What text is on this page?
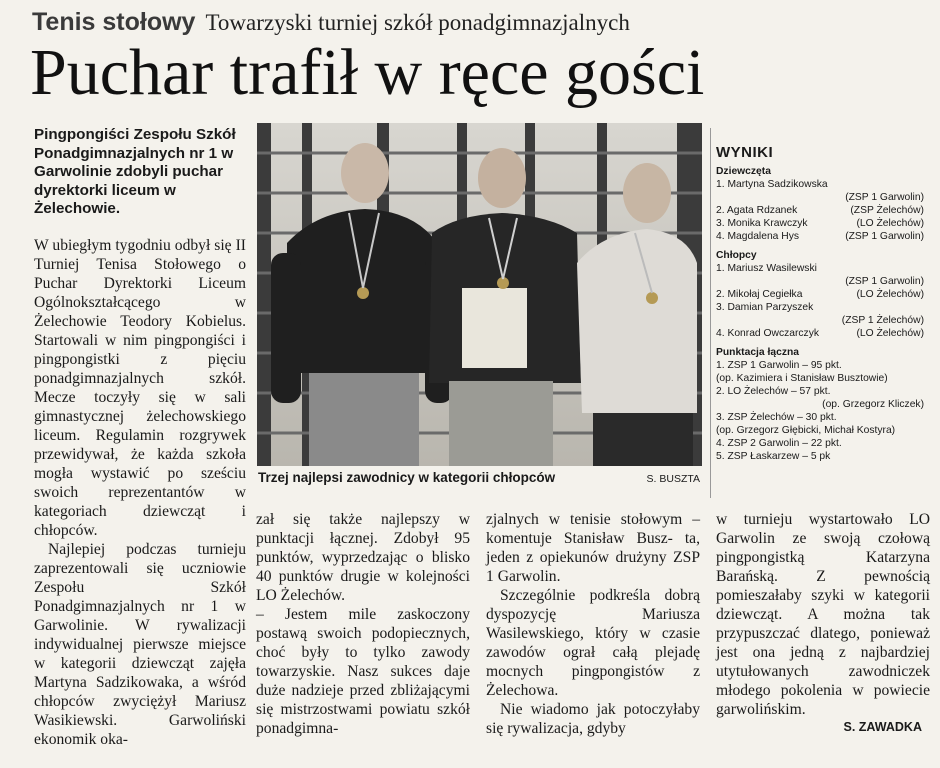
Tenis stołowy Towarzyski turniej szkół ponadgimnazjalnych
Puchar trafił w ręce gości
Pingpongiści Zespołu Szkół Ponadgimnazjalnych nr 1 w Garwolinie zdobyli puchar dyrektorki liceum w Żelechowie.

W ubiegłym tygodniu odbył się II Turniej Tenisa Stołowego o Puchar Dyrektorki Liceum Ogólnokształcącego w Żelechowie Teodory Kobielus. Startowali w nim pingpongiści i pingpongistki z pięciu ponadgimnazjalnych szkół. Mecze toczyły się w sali gimnastycznej żelechowskiego liceum. Regulamin rozgrywek przewidywał, że każda szkoła mogła wystawić po sześciu swoich reprezentantów w kategoriach dziewcząt i chłopców.

Najlepiej podczas turnieju zaprezentowali się uczniowie Zespołu Szkół Ponadgimnazjalnych nr 1 w Garwolinie. W rywalizacji indywidualnej pierwsze miejsce w kategorii dziewcząt zajęła Martyna Sadzikowaka, a wśród chłopców zwyciężył Mariusz Wasikiewski. Garwoliński ekonomik oka-

Trzej najlepsi zawodnicy w kategorii chłopców	S. BUSZTA
WYNIKI
Dziewczęta
1. Martyna Sadzikowska
(ZSP 1 Garwolin)
2. Agata Rdzanek	(ZSP Żelechów)
3. Monika Krawczyk	(LO Żelechów)
4. Magdalena Hys	(ZSP 1 Garwolin)
Chłopcy
1. Mariusz Wasilewski
(ZSP 1 Garwolin)
2. Mikołaj Cegiełka	(LO Żelechów)
3. Damian Parzyszek
(ZSP 1 Żelechów)
4. Konrad Owczarczyk	(LO Żelechów)
Punktacja łączna
1. ZSP 1 Garwolin – 95 pkt.
(op. Kazimiera i Stanisław Busztowie)
2. LO Żelechów – 57 pkt.
(op. Grzegorz Kliczek)
3. ZSP Żelechów – 30 pkt.
(op. Grzegorz Głębicki, Michał Kostyra)
4. ZSP 2 Garwolin – 22 pkt.
5. ZSP Łaskarzew – 5 pk

zał się także najlepszy w punktacji łącznej. Zdobył 95 punktów, wyprzedzając o blisko 40 punktów drugie w kolejności LO Żelechów.

– Jestem mile zaskoczony postawą swoich podopiecznych, choć były to tylko zawody towarzyskie. Nasz sukces daje duże nadzieje przed zbliżającymi się mistrzostwami powiatu szkół ponadgimna-

zjalnych w tenisie stołowym – komentuje Stanisław Busz- ta, jeden z opiekunów drużyny ZSP 1 Garwolin.

Szczególnie podkreśla dobrą dyspozycję Mariusza Wasilewskiego, który w czasie zawodów ograł całą plejadę mocnych pingpongistów z Żelechowa.

Nie wiadomo jak potoczyłaby się rywalizacja, gdyby

w turnieju wystartowało LO Garwolin ze swoją czołową pingpongistką Katarzyna Barańską. Z pewnością pomieszałaby szyki w kategorii dziewcząt. A można tak przypuszczać dlatego, ponieważ jest ona jedną z najbardziej utytułowanych zawodniczek młodego pokolenia w powiecie garwolińskim.

S. ZAWADKA
